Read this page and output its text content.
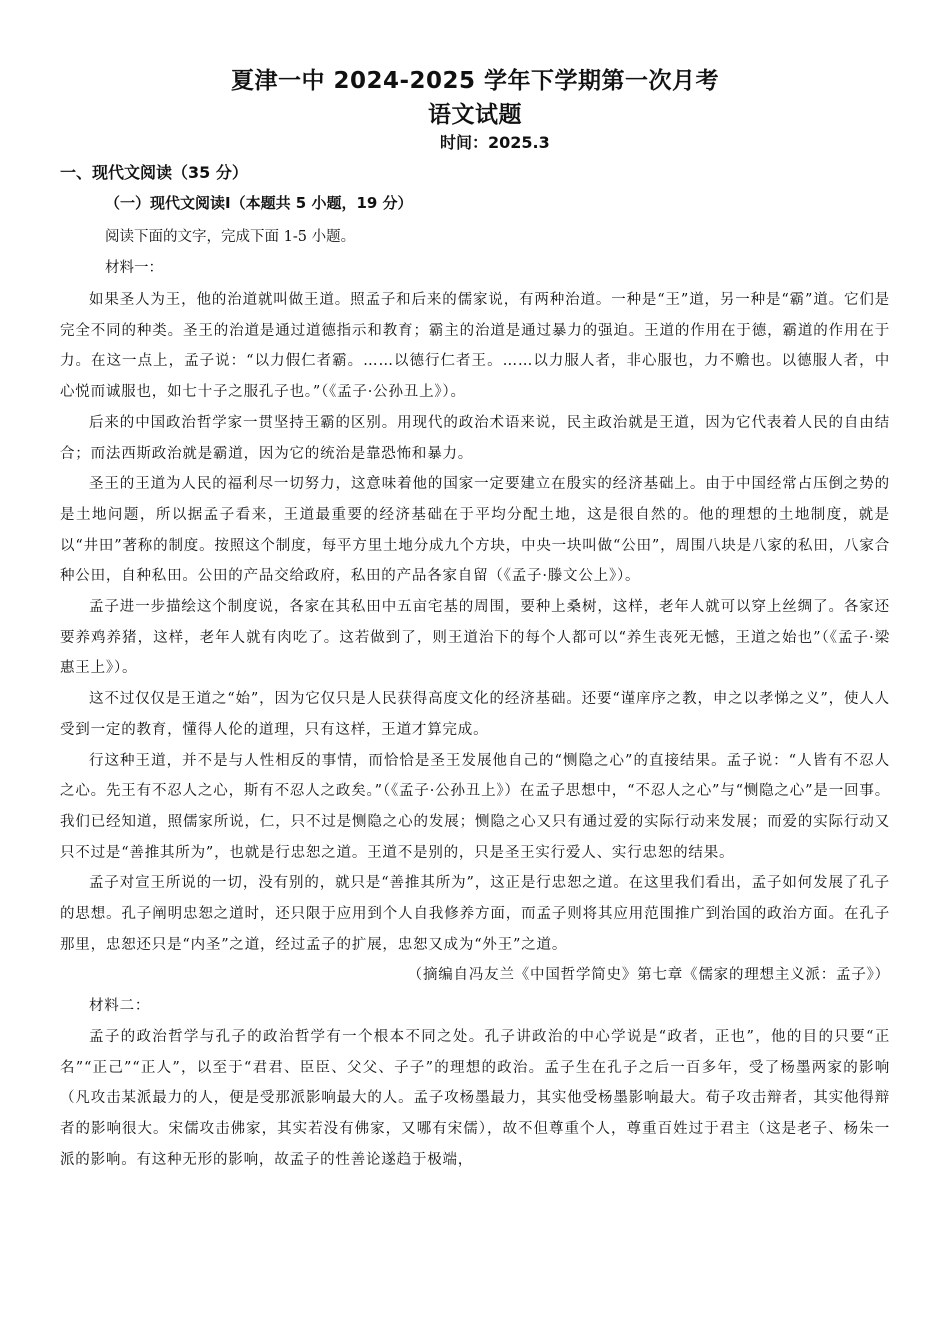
夏津一中 2024-2025 学年下学期第一次月考
语文试题
时间：2025.3
一、现代文阅读（35 分）
（一）现代文阅读Ⅰ（本题共 5 小题，19 分）
阅读下面的文字，完成下面 1-5 小题。
材料一：

如果圣人为王，他的治道就叫做王道。照孟子和后来的儒家说，有两种治道。一种是“王”道，另一种是“霸”道。它们是完全不同的种类。圣王的治道是通过道德指示和教育；霸主的治道是通过暴力的强迫。王道的作用在于德，霸道的作用在于力。在这一点上，孟子说：“以力假仁者霸。……以德行仁者王。……以力服人者，非心服也，力不赡也。以德服人者，中心悦而诚服也，如七十子之服孔子也。”（《孟子·公孙丑上》）。

后来的中国政治哲学家一贯坚持王霸的区别。用现代的政治术语来说，民主政治就是王道，因为它代表着人民的自由结合；而法西斯政治就是霸道，因为它的统治是靠恐怖和暴力。

圣王的王道为人民的福利尽一切努力，这意味着他的国家一定要建立在殷实的经济基础上。由于中国经常占压倒之势的是土地问题，所以据孟子看来，王道最重要的经济基础在于平均分配土地，这是很自然的。他的理想的土地制度，就是以“井田”著称的制度。按照这个制度，每平方里土地分成九个方块，中央一块叫做“公田”，周围八块是八家的私田，八家合种公田，自种私田。公田的产品交给政府，私田的产品各家自留（《孟子·滕文公上》）。

孟子进一步描绘这个制度说，各家在其私田中五亩宅基的周围，要种上桑树，这样，老年人就可以穿上丝绸了。各家还要养鸡养猪，这样，老年人就有肉吃了。这若做到了，则王道治下的每个人都可以“养生丧死无憾，王道之始也”（《孟子·梁惠王上》）。

这不过仅仅是王道之“始”，因为它仅只是人民获得高度文化的经济基础。还要“谨庠序之教，申之以孝悌之义”，使人人受到一定的教育，懂得人伦的道理，只有这样，王道才算完成。

行这种王道，并不是与人性相反的事情，而恰恰是圣王发展他自己的“恻隐之心”的直接结果。孟子说：“人皆有不忍人之心。先王有不忍人之心，斯有不忍人之政矣。”（《孟子·公孙丑上》）在孟子思想中，“不忍人之心”与“恻隐之心”是一回事。我们已经知道，照儒家所说，仁，只不过是恻隐之心的发展；恻隐之心又只有通过爱的实际行动来发展；而爱的实际行动又只不过是“善推其所为”，也就是行忠恕之道。王道不是别的，只是圣王实行爱人、实行忠恕的结果。

孟子对宣王所说的一切，没有别的，就只是“善推其所为”，这正是行忠恕之道。在这里我们看出，孟子如何发展了孔子的思想。孔子阐明忠恕之道时，还只限于应用到个人自我修养方面，而孟子则将其应用范围推广到治国的政治方面。在孔子那里，忠恕还只是“内圣”之道，经过孟子的扩展，忠恕又成为“外王”之道。

（摘编自冯友兰《中国哲学简史》第七章《儒家的理想主义派：孟子》）

材料二：

孟子的政治哲学与孔子的政治哲学有一个根本不同之处。孔子讲政治的中心学说是“政者，正也”，他的目的只要“正名”“正己”“正人”，以至于“君君、臣臣、父父、子子”的理想的政治。孟子生在孔子之后一百多年，受了杨墨两家的影响（凡攻击某派最力的人，便是受那派影响最大的人。孟子攻杨墨最力，其实他受杨墨影响最大。荀子攻击辩者，其实他得辩者的影响很大。宋儒攻击佛家，其实若没有佛家，又哪有宋儒），故不但尊重个人，尊重百姓过于君主（这是老子、杨朱一派的影响。有这种无形的影响，故孟子的性善论遂趋于极端，
